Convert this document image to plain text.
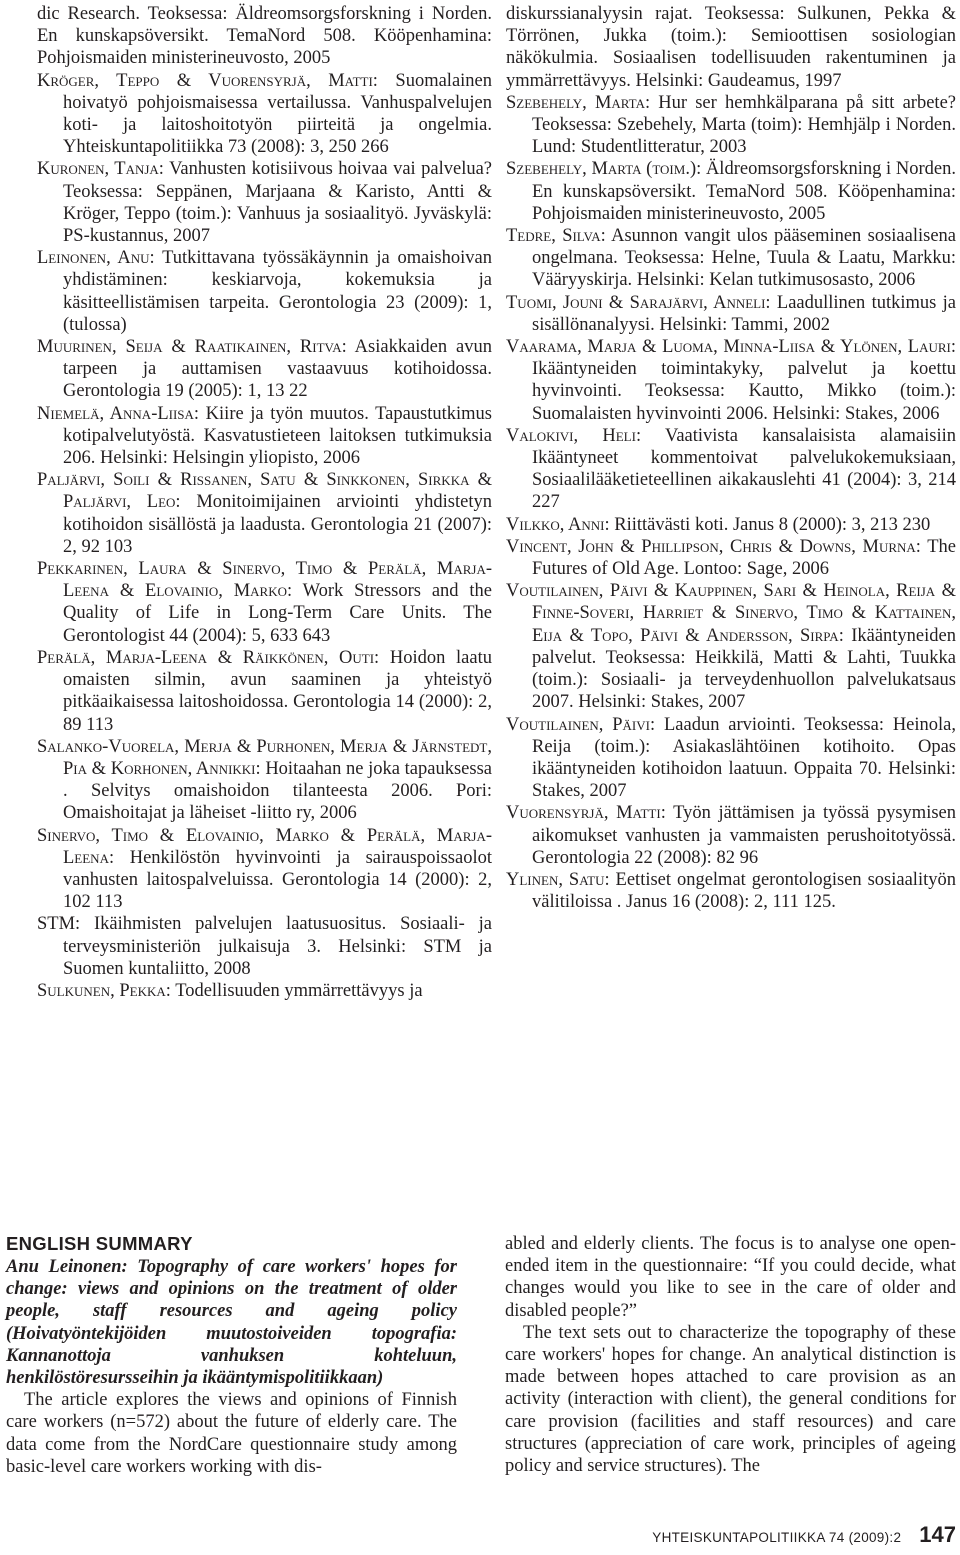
dic Research. Teoksessa: Äldreomsorgsforskning i Norden. En kunskapsöversikt. TemaNord 508. Kööpenhamina: Pohjoismaiden ministerineuvosto, 2005

Kröger, Teppo & Vuorensyrjä, Matti: Suomalainen hoivatyö pohjoismaisessa vertailussa. Vanhuspalvelujen koti- ja laitoshoitotyön piirteitä ja ongelmia. Yhteiskuntapolitiikka 73 (2008): 3, 250 266

Kuronen, Tanja: Vanhusten kotisiivous hoivaa vai palvelua? Teoksessa: Seppänen, Marjaana & Karisto, Antti & Kröger, Teppo (toim.): Vanhuus ja sosiaalityö. Jyväskylä: PS-kustannus, 2007

Leinonen, Anu: Tutkittavana työssäkäynnin ja omaishoivan yhdistäminen: keskiarvoja, kokemuksia ja käsitteellistämisen tarpeita. Gerontologia 23 (2009): 1, (tulossa)

Muurinen, Seija & Raatikainen, Ritva: Asiakkaiden avun tarpeen ja auttamisen vastaavuus kotihoidossa. Gerontologia 19 (2005): 1, 13 22

Niemelä, Anna-Liisa: Kiire ja työn muutos. Tapaustutkimus kotipalvelutyöstä. Kasvatustieteen laitoksen tutkimuksia 206. Helsinki: Helsingin yliopisto, 2006

Paljärvi, Soili & Rissanen, Satu & Sinkkonen, Sirkka & Paljärvi, Leo: Monitoimijainen arviointi yhdistetyn kotihoidon sisällöstä ja laadusta. Gerontologia 21 (2007): 2, 92 103

Pekkarinen, Laura & Sinervo, Timo & Perälä, Marja-Leena & Elovainio, Marko: Work Stressors and the Quality of Life in Long-Term Care Units. The Gerontologist 44 (2004): 5, 633 643

Perälä, Marja-Leena & Räikkönen, Outi: Hoidon laatu omaisten silmin, avun saaminen ja yhteistyö pitkäaikaisessa laitoshoidossa. Gerontologia 14 (2000): 2, 89 113

Salanko-Vuorela, Merja & Purhonen, Merja & Järnstedt, Pia & Korhonen, Annikki: Hoitaahan ne joka tapauksessa . Selvitys omaishoidon tilanteesta 2006. Pori: Omaishoitajat ja läheiset -liitto ry, 2006

Sinervo, Timo & Elovainio, Marko & Perälä, Marja-Leena: Henkilöstön hyvinvointi ja sairauspoissaolot vanhusten laitospalveluissa. Gerontologia 14 (2000): 2, 102 113

STM: Ikäihmisten palvelujen laatusuositus. Sosiaali- ja terveysministeriön julkaisuja 3. Helsinki: STM ja Suomen kuntaliitto, 2008

Sulkunen, Pekka: Todellisuuden ymmärrettävyys ja

diskurssianalyysin rajat. Teoksessa: Sulkunen, Pekka & Törrönen, Jukka (toim.): Semioottisen sosiologian näkökulmia. Sosiaalisen todellisuuden rakentuminen ja ymmärrettävyys. Helsinki: Gaudeamus, 1997

Szebehely, Marta: Hur ser hemhkälparana på sitt arbete? Teoksessa: Szebehely, Marta (toim): Hemhjälp i Norden. Lund: Studentlitteratur, 2003

Szebehely, Marta (toim.): Äldreomsorgsforskning i Norden. En kunskapsöversikt. TemaNord 508. Kööpenhamina: Pohjoismaiden ministerineuvosto, 2005

Tedre, Silva: Asunnon vangit ulos pääseminen sosiaalisena ongelmana. Teoksessa: Helne, Tuula & Laatu, Markku: Vääryyskirja. Helsinki: Kelan tutkimusosasto, 2006

Tuomi, Jouni & Sarajärvi, Anneli: Laadullinen tutkimus ja sisällönanalyysi. Helsinki: Tammi, 2002

Vaarama, Marja & Luoma, Minna-Liisa & Ylönen, Lauri: Ikääntyneiden toimintakyky, palvelut ja koettu hyvinvointi. Teoksessa: Kautto, Mikko (toim.): Suomalaisten hyvinvointi 2006. Helsinki: Stakes, 2006

Valokivi, Heli: Vaativista kansalaisista alamaisiin Ikääntyneet kommentoivat palvelukokemuksiaan, Sosiaalilääketieteellinen aikakauslehti 41 (2004): 3, 214 227

Vilkko, Anni: Riittävästi koti. Janus 8 (2000): 3, 213 230

Vincent, John & Phillipson, Chris & Downs, Murna: The Futures of Old Age. Lontoo: Sage, 2006

Voutilainen, Päivi & Kauppinen, Sari & Heinola, Reija & Finne-Soveri, Harriet & Sinervo, Timo & Kattainen, Eija & Topo, Päivi & Andersson, Sirpa: Ikääntyneiden palvelut. Teoksessa: Heikkilä, Matti & Lahti, Tuukka (toim.): Sosiaali- ja terveydenhuollon palvelukatsaus 2007. Helsinki: Stakes, 2007

Voutilainen, Päivi: Laadun arviointi. Teoksessa: Heinola, Reija (toim.): Asiakaslähtöinen kotihoito. Opas ikääntyneiden kotihoidon laatuun. Oppaita 70. Helsinki: Stakes, 2007

Vuorensyrjä, Matti: Työn jättämisen ja työssä pysymisen aikomukset vanhusten ja vammaisten perushoitotyössä. Gerontologia 22 (2008): 82 96

Ylinen, Satu: Eettiset ongelmat gerontologisen sosiaalityön välitiloissa . Janus 16 (2008): 2, 111 125.

ENGLISH SUMMARY

Anu Leinonen: Topography of care workers' hopes for change: views and opinions on the treatment of older people, staff resources and ageing policy (Hoivatyöntekijöiden muutostoiveiden topografia: Kannanottoja vanhuksen kohteluun, henkilöstöresursseihin ja ikääntymispolitiikkaan)

The article explores the views and opinions of Finnish care workers (n=572) about the future of elderly care. The data come from the NordCare questionnaire study among basic-level care workers working with dis-

abled and elderly clients. The focus is to analyse one open-ended item in the questionnaire: “If you could decide, what changes would you like to see in the care of older and disabled people?”

The text sets out to characterize the topography of these care workers' hopes for change. An analytical distinction is made between hopes attached to care provision as an activity (interaction with client), the general conditions for care provision (facilities and staff resources) and care structures (appreciation of care work, principles of ageing policy and service structures). The

YHTEISKUNTAPOLITIIKKA 74 (2009):2 147
